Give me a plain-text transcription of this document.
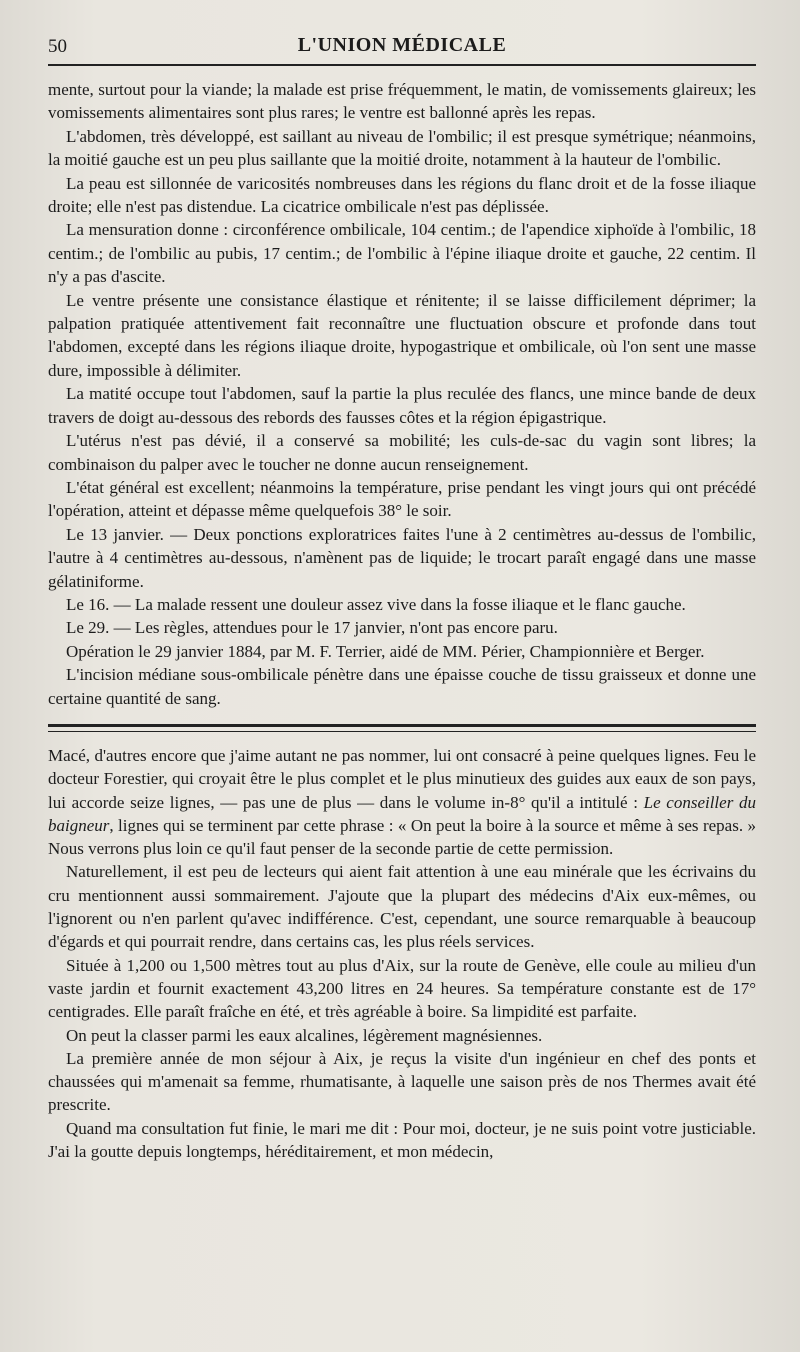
50	L'UNION MÉDICALE

mente, surtout pour la viande; la malade est prise fréquemment, le matin, de vomissements glaireux; les vomissements alimentaires sont plus rares; le ventre est ballonné après les repas.

L'abdomen, très développé, est saillant au niveau de l'ombilic; il est presque symétrique; néanmoins, la moitié gauche est un peu plus saillante que la moitié droite, notamment à la hauteur de l'ombilic.

La peau est sillonnée de varicosités nombreuses dans les régions du flanc droit et de la fosse iliaque droite; elle n'est pas distendue. La cicatrice ombilicale n'est pas déplissée.

La mensuration donne : circonférence ombilicale, 104 centim.; de l'apendice xiphoïde à l'ombilic, 18 centim.; de l'ombilic au pubis, 17 centim.; de l'ombilic à l'épine iliaque droite et gauche, 22 centim. Il n'y a pas d'ascite.

Le ventre présente une consistance élastique et rénitente; il se laisse difficilement déprimer; la palpation pratiquée attentivement fait reconnaître une fluctuation obscure et profonde dans tout l'abdomen, excepté dans les régions iliaque droite, hypogastrique et ombilicale, où l'on sent une masse dure, impossible à délimiter.

La matité occupe tout l'abdomen, sauf la partie la plus reculée des flancs, une mince bande de deux travers de doigt au-dessous des rebords des fausses côtes et la région épigastrique.

L'utérus n'est pas dévié, il a conservé sa mobilité; les culs-de-sac du vagin sont libres; la combinaison du palper avec le toucher ne donne aucun renseignement.

L'état général est excellent; néanmoins la température, prise pendant les vingt jours qui ont précédé l'opération, atteint et dépasse même quelquefois 38° le soir.

Le 13 janvier. — Deux ponctions exploratrices faites l'une à 2 centimètres au-dessus de l'ombilic, l'autre à 4 centimètres au-dessous, n'amènent pas de liquide; le trocart paraît engagé dans une masse gélatiniforme.

Le 16. — La malade ressent une douleur assez vive dans la fosse iliaque et le flanc gauche.

Le 29. — Les règles, attendues pour le 17 janvier, n'ont pas encore paru.

Opération le 29 janvier 1884, par M. F. Terrier, aidé de MM. Périer, Championnière et Berger.

L'incision médiane sous-ombilicale pénètre dans une épaisse couche de tissu graisseux et donne une certaine quantité de sang.

Macé, d'autres encore que j'aime autant ne pas nommer, lui ont consacré à peine quelques lignes. Feu le docteur Forestier, qui croyait être le plus complet et le plus minutieux des guides aux eaux de son pays, lui accorde seize lignes, — pas une de plus — dans le volume in-8° qu'il a intitulé : Le conseiller du baigneur, lignes qui se terminent par cette phrase : « On peut la boire à la source et même à ses repas. » Nous verrons plus loin ce qu'il faut penser de la seconde partie de cette permission.

Naturellement, il est peu de lecteurs qui aient fait attention à une eau minérale que les écrivains du cru mentionnent aussi sommairement. J'ajoute que la plupart des médecins d'Aix eux-mêmes, ou l'ignorent ou n'en parlent qu'avec indifférence. C'est, cependant, une source remarquable à beaucoup d'égards et qui pourrait rendre, dans certains cas, les plus réels services.

Située à 1,200 ou 1,500 mètres tout au plus d'Aix, sur la route de Genève, elle coule au milieu d'un vaste jardin et fournit exactement 43,200 litres en 24 heures. Sa température constante est de 17° centigrades. Elle paraît fraîche en été, et très agréable à boire. Sa limpidité est parfaite.

On peut la classer parmi les eaux alcalines, légèrement magnésiennes.

La première année de mon séjour à Aix, je reçus la visite d'un ingénieur en chef des ponts et chaussées qui m'amenait sa femme, rhumatisante, à laquelle une saison près de nos Thermes avait été prescrite.

Quand ma consultation fut finie, le mari me dit : Pour moi, docteur, je ne suis point votre justiciable. J'ai la goutte depuis longtemps, héréditairement, et mon médecin,
